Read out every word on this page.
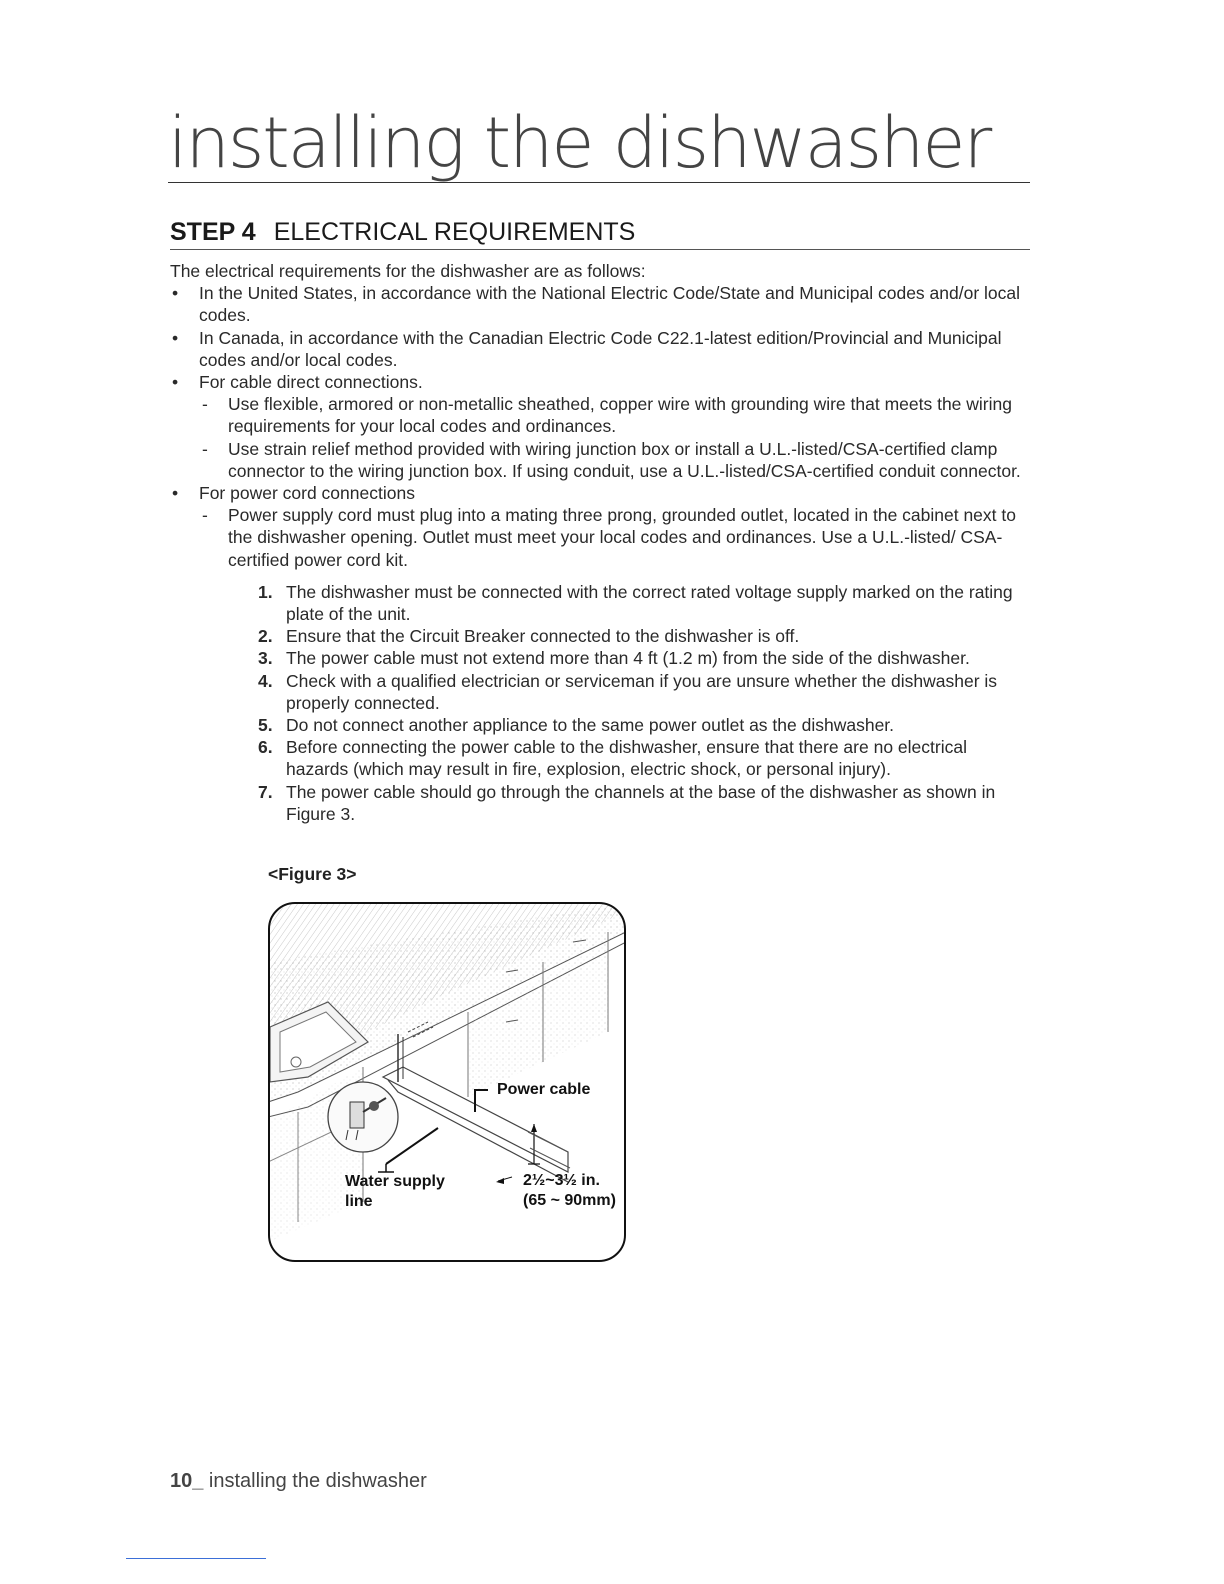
installing the dishwasher
STEP 4 ELECTRICAL REQUIREMENTS

The electrical requirements for the dishwasher are as follows:

• In the United States, in accordance with the National Electric Code/State and Municipal codes and/or local codes.
• In Canada, in accordance with the Canadian Electric Code C22.1-latest edition/Provincial and Municipal codes and/or local codes.
• For cable direct connections.
- Use flexible, armored or non-metallic sheathed, copper wire with grounding wire that meets the wiring requirements for your local codes and ordinances.
- Use strain relief method provided with wiring junction box or install a U.L.-listed/CSA-certified clamp connector to the wiring junction box. If using conduit, use a U.L.-listed/CSA-certified conduit connector.
• For power cord connections
- Power supply cord must plug into a mating three prong, grounded outlet, located in the cabinet next to the dishwasher opening. Outlet must meet your local codes and ordinances. Use a U.L.-listed/ CSA-certified power cord kit.
1. The dishwasher must be connected with the correct rated voltage supply marked on the rating plate of the unit.
2. Ensure that the Circuit Breaker connected to the dishwasher is off.
3. The power cable must not extend more than 4 ft (1.2 m) from the side of the dishwasher.
4. Check with a qualified electrician or serviceman if you are unsure whether the dishwasher is properly connected.
5. Do not connect another appliance to the same power outlet as the dishwasher.
6. Before connecting the power cable to the dishwasher, ensure that there are no electrical hazards (which may result in fire, explosion, electric shock, or personal injury).
7. The power cable should go through the channels at the base of the dishwasher as shown in Figure 3.
<Figure 3>
Power cable
Water supply
line
2½~3½ in.
(65 ~ 90mm)
10_ installing the dishwasher
